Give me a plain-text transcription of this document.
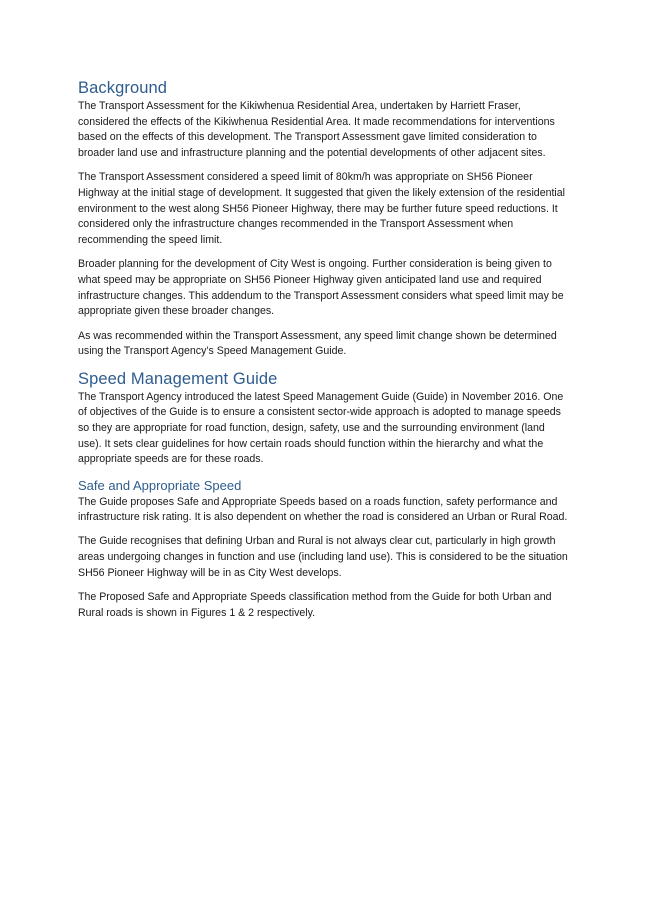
Background

The Transport Assessment for the Kikiwhenua Residential Area, undertaken by Harriett Fraser, considered the effects of the Kikiwhenua Residential Area. It made recommendations for interventions based on the effects of this development. The Transport Assessment gave limited consideration to broader land use and infrastructure planning and the potential developments of other adjacent sites.

The Transport Assessment considered a speed limit of 80km/h was appropriate on SH56 Pioneer Highway at the initial stage of development. It suggested that given the likely extension of the residential environment to the west along SH56 Pioneer Highway, there may be further future speed reductions. It considered only the infrastructure changes recommended in the Transport Assessment when recommending the speed limit.

Broader planning for the development of City West is ongoing. Further consideration is being given to what speed may be appropriate on SH56 Pioneer Highway given anticipated land use and required infrastructure changes. This addendum to the Transport Assessment considers what speed limit may be appropriate given these broader changes.

As was recommended within the Transport Assessment, any speed limit change shown be determined using the Transport Agency’s Speed Management Guide.

Speed Management Guide

The Transport Agency introduced the latest Speed Management Guide (Guide) in November 2016. One of objectives of the Guide is to ensure a consistent sector-wide approach is adopted to manage speeds so they are appropriate for road function, design, safety, use and the surrounding environment (land use). It sets clear guidelines for how certain roads should function within the hierarchy and what the appropriate speeds are for these roads.

Safe and Appropriate Speed

The Guide proposes Safe and Appropriate Speeds based on a roads function, safety performance and infrastructure risk rating. It is also dependent on whether the road is considered an Urban or Rural Road.

The Guide recognises that defining Urban and Rural is not always clear cut, particularly in high growth areas undergoing changes in function and use (including land use). This is considered to be the situation SH56 Pioneer Highway will be in as City West develops.

The Proposed Safe and Appropriate Speeds classification method from the Guide for both Urban and Rural roads is shown in Figures 1 & 2 respectively.
